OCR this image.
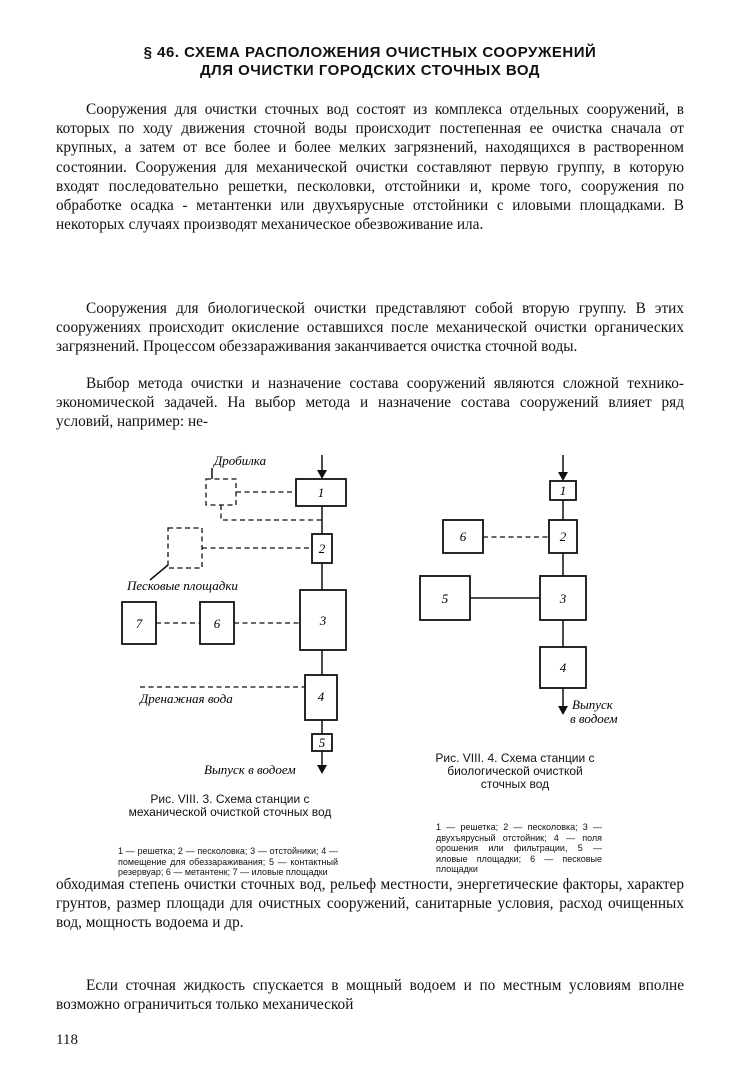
§ 46. СХЕМА РАСПОЛОЖЕНИЯ ОЧИСТНЫХ СООРУЖЕНИЙ
ДЛЯ ОЧИСТКИ ГОРОДСКИХ СТОЧНЫХ ВОД

Сооружения для очистки сточных вод состоят из комплекса отдельных сооружений, в которых по ходу движения сточной воды происходит постепенная ее очистка сначала от крупных, а затем от все более и более мелких загрязнений, находящихся в растворенном состоянии. Сооружения для механической очистки составляют первую группу, в которую входят последовательно решетки, песколовки, отстойники и, кроме того, сооружения по обработке осадка - метантенки или двухъярусные отстойники с иловыми площадками. В некоторых случаях производят механическое обезвоживание ила.

Сооружения для биологической очистки представляют собой вторую группу. В этих сооружениях происходит окисление оставшихся после механической очистки органических загрязнений. Процессом обеззараживания заканчивается очистка сточной воды.

Выбор метода очистки и назначение состава сооружений являются сложной технико-экономической задачей. На выбор метода и назначение состава сооружений влияет ряд условий, например: не-

1
2
3
4
5
6
7
Дробилка
Песковые площадки
Дренажная вода
Выпуск в водоем
1
2
3
4
5
6
Выпуск
в водоем
Рис. VIII. 3. Схема станции с механической очисткой сточных вод
1 — решетка; 2 — песколовка; 3 — отстойники; 4 — помещение для обеззараживания; 5 — контактный резервуар; 6 — метантенк; 7 — иловые площадки
Рис. VIII. 4. Схема станции с биологической очисткой сточных вод
1 — решетка; 2 — песколовка; 3 — двухъярусный отстойник; 4 — поля орошения или фильтрации, 5 — иловые площадки; 6 — песковые площадки

обходимая степень очистки сточных вод, рельеф местности, энергетические факторы, характер грунтов, размер площади для очистных сооружений, санитарные условия, расход очищенных вод, мощность водоема и др.

Если сточная жидкость спускается в мощный водоем и по местным условиям вполне возможно ограничиться только механической

118
